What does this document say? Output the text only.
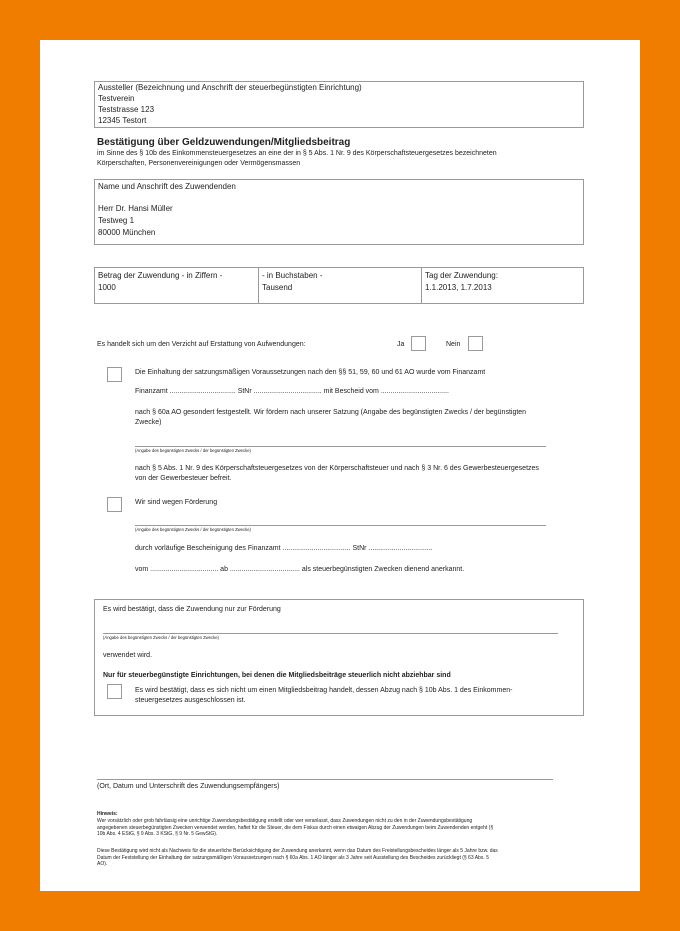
Aussteller (Bezeichnung und Anschrift der steuerbegünstigten Einrichtung)
Testverein
Teststrasse 123
12345 Testort
Bestätigung über Geldzuwendungen/Mitgliedsbeitrag
im Sinne des § 10b des Einkommensteuergesetzes an eine der in § 5 Abs. 1 Nr. 9 des Körperschaftsteuergesetzes bezeichneten
Körperschaften, Personenvereinigungen oder Vermögensmassen
Name und Anschrift des Zuwendenden
Herr Dr. Hansi Müller
Testweg 1
80000 München
Betrag der Zuwendung - in Ziffern -
1000
- in Buchstaben -
Tausend
Tag der Zuwendung:
1.1.2013, 1.7.2013
Es handelt sich um den Verzicht auf Erstattung von Aufwendungen:	Ja	Nein
Die Einhaltung der satzungsmäßigen Voraussetzungen nach den §§ 51, 59, 60 und 61 AO wurde vom Finanzamt
Finanzamt .................................. StNr ................................... mit Bescheid vom ...................................
nach § 60a AO gesondert festgestellt. Wir fördern nach unserer Satzung (Angabe des begünstigten Zwecks / der begünstigten
Zwecke)
(Angabe des begünstigten Zwecks / der begünstigten Zwecke)
nach § 5 Abs. 1 Nr. 9 des Körperschaftsteuergesetzes von der Körperschaftsteuer und nach § 3 Nr. 6 des Gewerbesteuergesetzes
von der Gewerbesteuer befreit.
Wir sind wegen Förderung
(Angabe des begünstigten Zwecks / der begünstigten Zwecke)
durch vorläufige Bescheinigung des Finanzamt ................................... StNr .................................
vom ................................... ab .................................... als steuerbegünstigten Zwecken dienend anerkannt.
Es wird bestätigt, dass die Zuwendung nur zur Förderung
(Angabe des begünstigten Zwecks / der begünstigten Zwecke)
verwendet wird.
Nur für steuerbegünstigte Einrichtungen, bei denen die Mitgliedsbeiträge steuerlich nicht abziehbar sind
Es wird bestätigt, dass es sich nicht um einen Mitgliedsbeitrag handelt, dessen Abzug nach § 10b Abs. 1 des Einkommen-
steuergesetzes ausgeschlossen ist.
(Ort, Datum und Unterschrift des Zuwendungsempfängers)
Hinweis:
Wer vorsätzlich oder grob fahrlässig eine unrichtige Zuwendungsbestätigung erstellt oder wer veranlasst, dass Zuwendungen nicht zu den in der Zuwendungsbestätigung
angegebenen steuerbegünstigten Zwecken verwendet werden, haftet für die Steuer, die dem Fiskus durch einen etwaigen Abzug der Zuwendungen beim Zuwendenden entgeht (§
10b Abs. 4 EStG, § 9 Abs. 3 KStG, § 9 Nr. 5 GewStG).
Diese Bestätigung wird nicht als Nachweis für die steuerliche Berücksichtigung der Zuwendung anerkannt, wenn das Datum des Freistellungsbescheides länger als 5 Jahre bzw. das
Datum der Feststellung der Einhaltung der satzungsmäßigen Voraussetzungen nach § 60a Abs. 1 AO länger als 3 Jahre seit Ausstellung des Bescheides zurückliegt (§ 63 Abs. 5
AO).
